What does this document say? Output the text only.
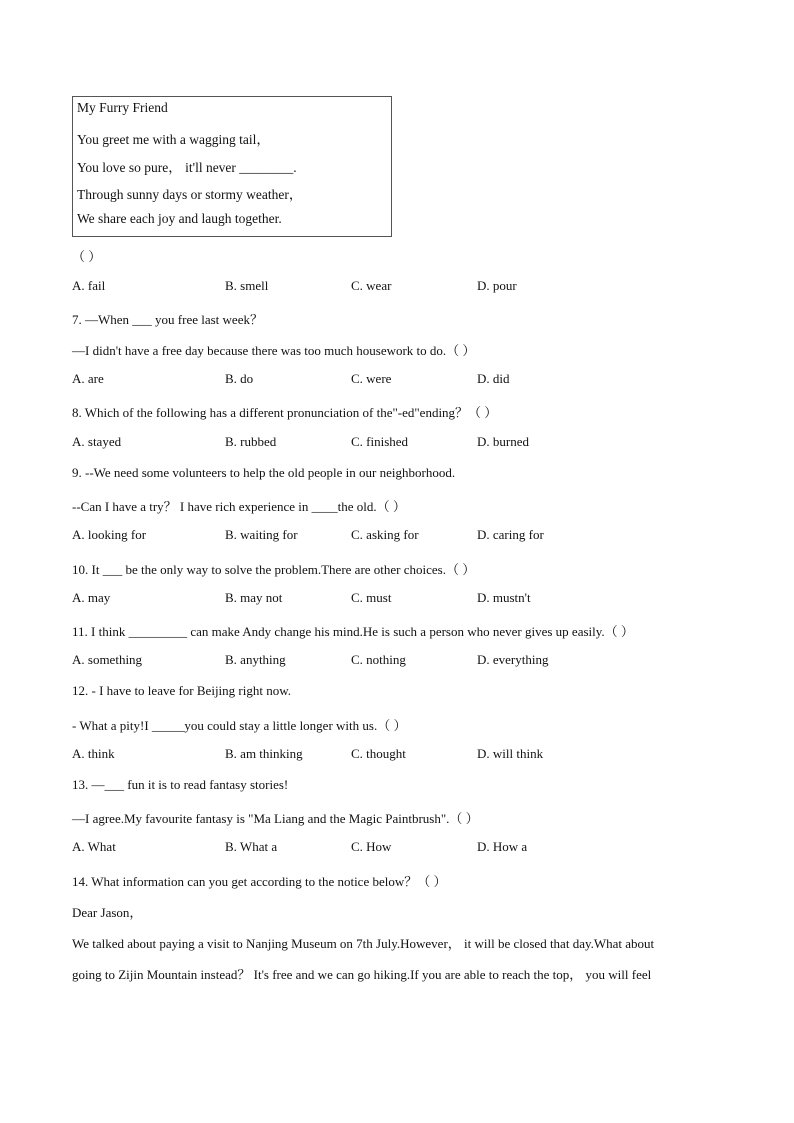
My Furry Friend
You greet me with a wagging tail，
You love so pure， it'll never ________.
Through sunny days or stormy weather，
We share each joy and laugh together.
（ ）
A. fail	B. smell	C. wear	D. pour
7. —When ___ you free last week？
—I didn't have a free day because there was too much housework to do.（ ）
A. are	B. do	C. were	D. did
8. Which of the following has a different pronunciation of the"-ed"ending？（ ）
A. stayed	B. rubbed	C. finished	D. burned
9. --We need some volunteers to help the old people in our neighborhood.
--Can I have a try？ I have rich experience in ____the old.（ ）
A. looking for	B. waiting for	C. asking for	D. caring for
10. It ___ be the only way to solve the problem.There are other choices.（ ）
A. may	B. may not	C. must	D. mustn't
11. I think _________ can make Andy change his mind.He is such a person who never gives up easily.（ ）
A. something	B. anything	C. nothing	D. everything
12. - I have to leave for Beijing right now.
- What a pity!I _____you could stay a little longer with us.（ ）
A. think	B. am thinking	C. thought	D. will think
13. —___ fun it is to read fantasy stories!
—I agree.My favourite fantasy is "Ma Liang and the Magic Paintbrush".（ ）
A. What	B. What a	C. How	D. How a
14. What information can you get according to the notice below？（ ）
Dear Jason，
We talked about paying a visit to Nanjing Museum on 7th July.However， it will be closed that day.What about
going to Zijin Mountain instead？ It's free and we can go hiking.If you are able to reach the top， you will feel
